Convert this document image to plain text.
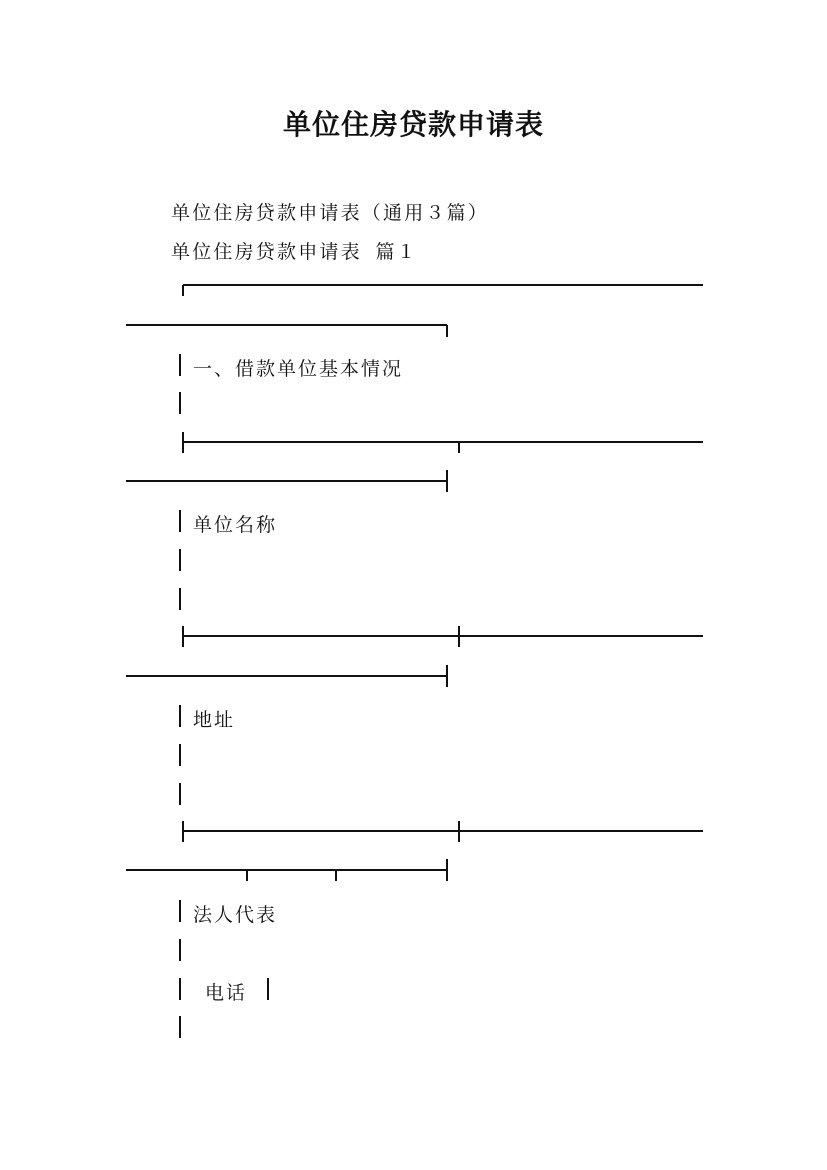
单位住房贷款申请表
单位住房贷款申请表（通用３篇）
单位住房贷款申请表 篇１
一、借款单位基本情况
单位名称
地址
法人代表
电话
